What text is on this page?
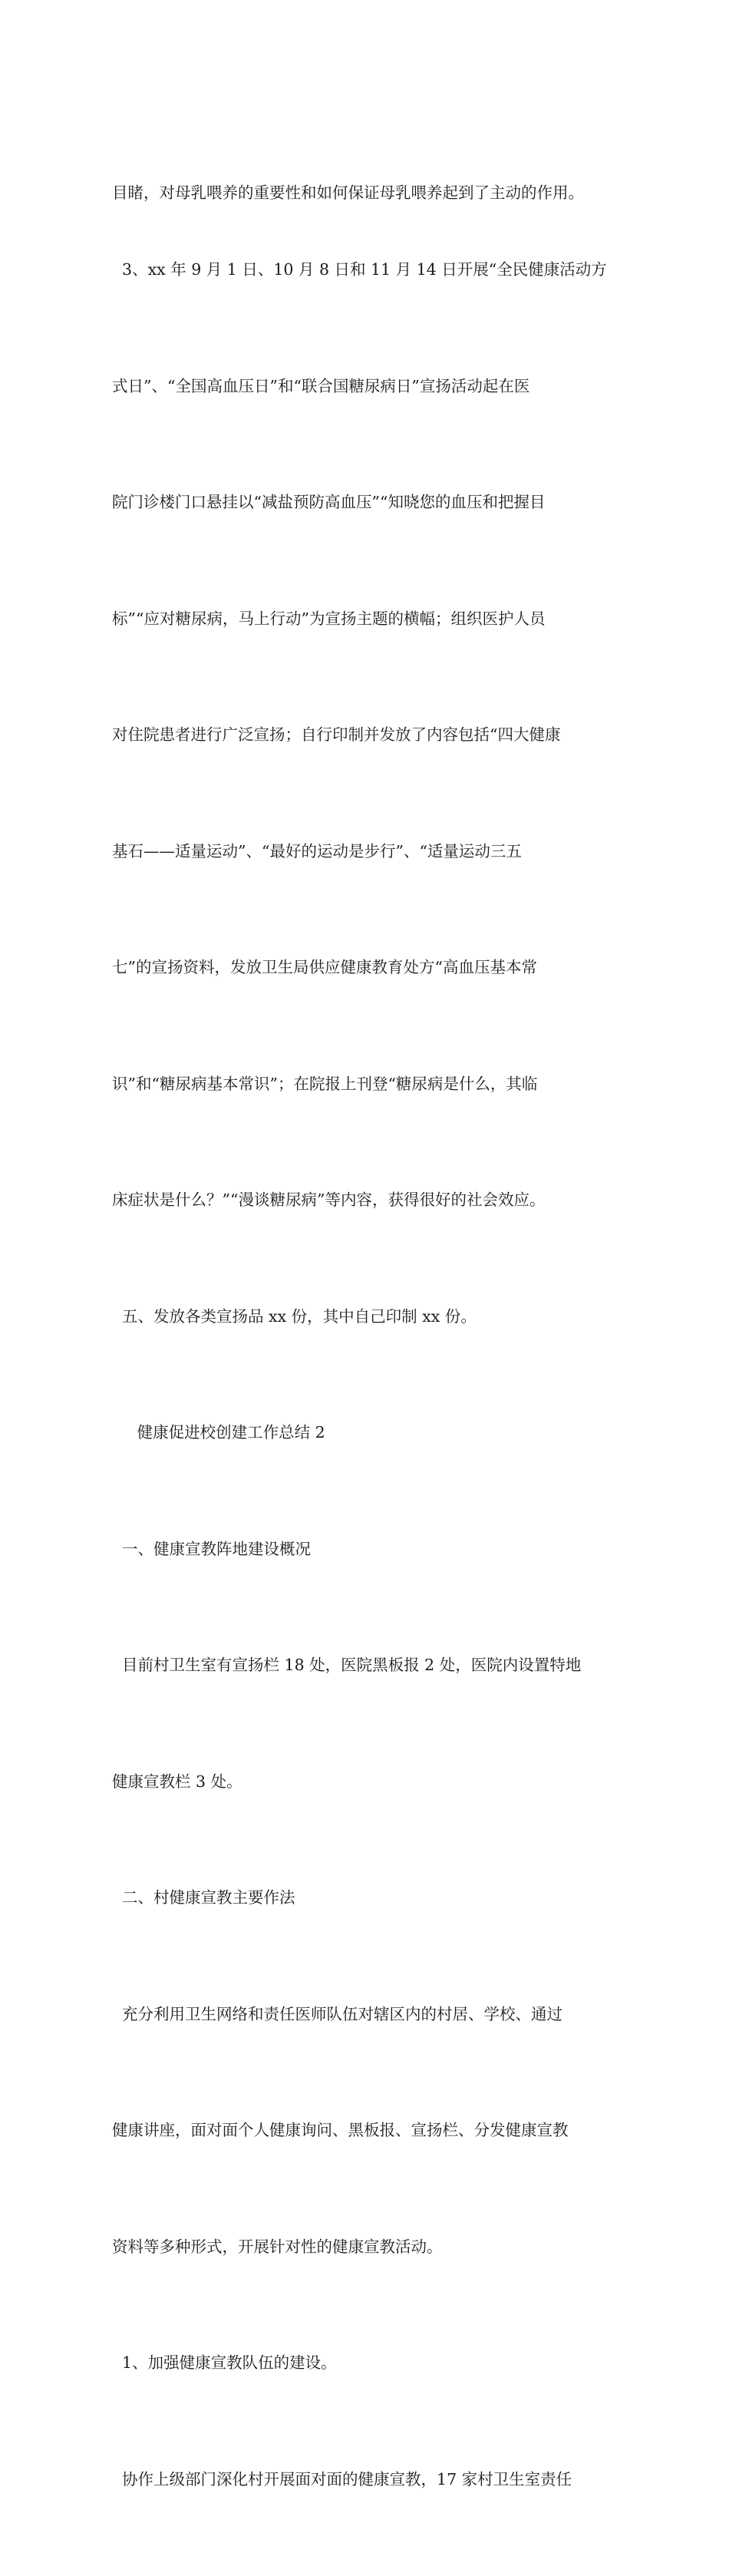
目睹，对母乳喂养的重要性和如何保证母乳喂养起到了主动的作用。

3、xx 年 9 月 1 日、10 月 8 日和 11 月 14 日开展“全民健康活动方

式日”、“全国高血压日”和“联合国糖尿病日”宣扬活动起在医

院门诊楼门口悬挂以“减盐预防高血压”“知晓您的血压和把握目

标”“应对糖尿病，马上行动”为宣扬主题的横幅；组织医护人员

对住院患者进行广泛宣扬；自行印制并发放了内容包括“四大健康

基石——适量运动”、“最好的运动是步行”、“适量运动三五

七”的宣扬资料，发放卫生局供应健康教育处方“高血压基本常

识”和“糖尿病基本常识”；在院报上刊登“糖尿病是什么，其临

床症状是什么？”“漫谈糖尿病”等内容，获得很好的社会效应。

五、发放各类宣扬品 xx 份，其中自己印制 xx 份。

健康促进校创建工作总结 2

一、健康宣教阵地建设概况

目前村卫生室有宣扬栏 18 处，医院黑板报 2 处，医院内设置特地

健康宣教栏 3 处。

二、村健康宣教主要作法

充分利用卫生网络和责任医师队伍对辖区内的村居、学校、通过

健康讲座，面对面个人健康询问、黑板报、宣扬栏、分发健康宣教

资料等多种形式，开展针对性的健康宣教活动。

1、加强健康宣教队伍的建设。

协作上级部门深化村开展面对面的健康宣教，17 家村卫生室责任
